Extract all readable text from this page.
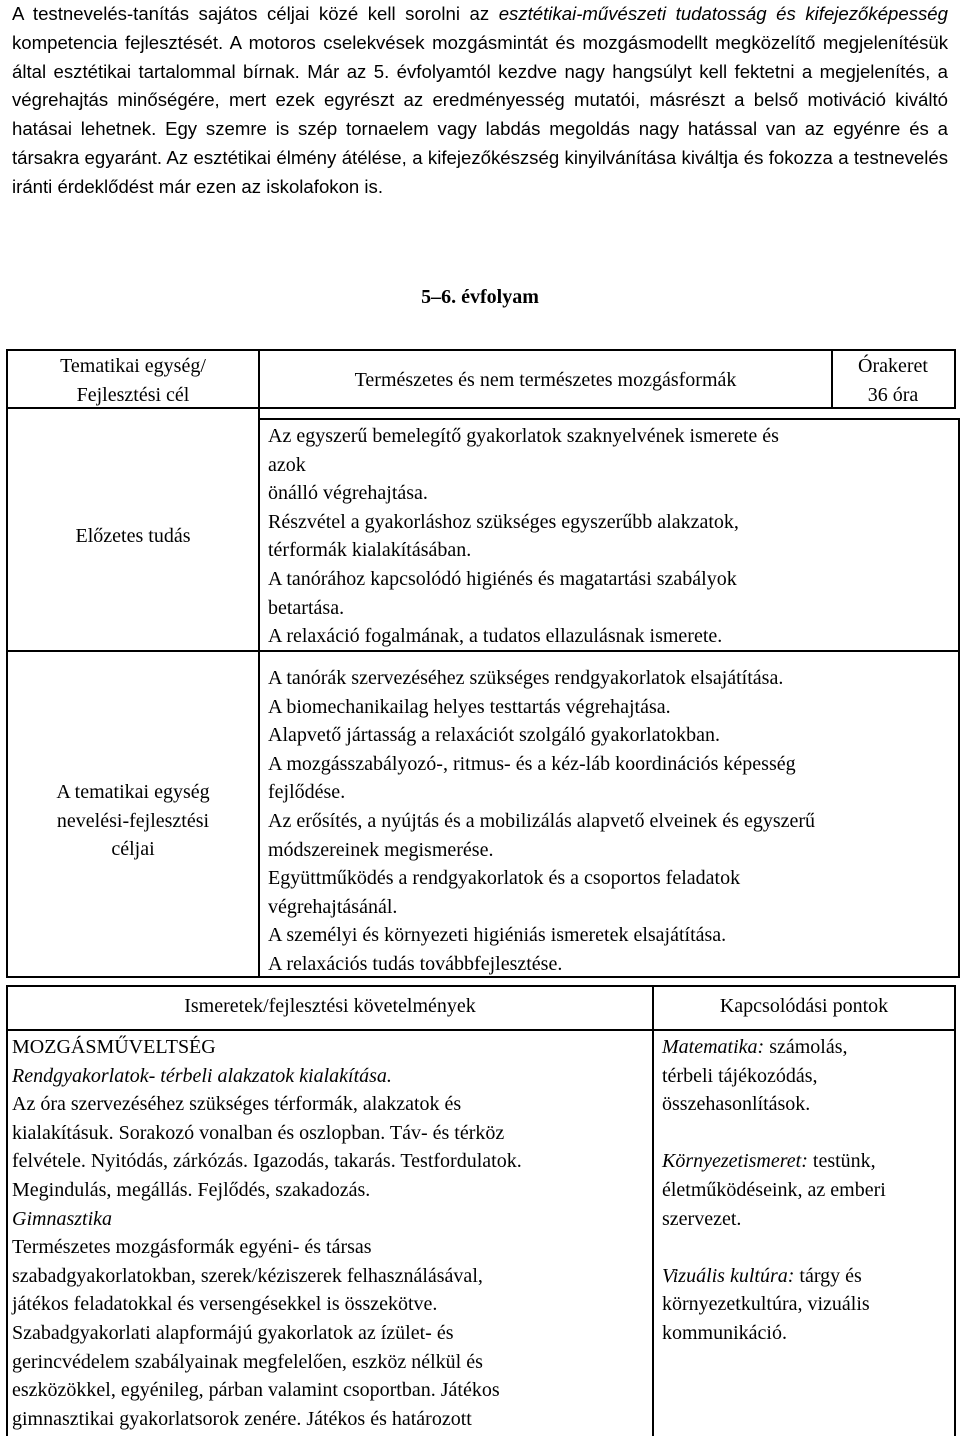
A testnevelés-tanítás sajátos céljai közé kell sorolni az esztétikai-művészeti tudatosság és kifejezőképesség kompetencia fejlesztését. A motoros cselekvések mozgásmintát és mozgásmodellt megközelítő megjelenítésük által esztétikai tartalommal bírnak. Már az 5. évfolyamtól kezdve nagy hangsúlyt kell fektetni a megjelenítés, a végrehajtás minőségére, mert ezek egyrészt az eredményesség mutatói, másrészt a belső motiváció kiváltó hatásai lehetnek. Egy szemre is szép tornaelem vagy labdás megoldás nagy hatással van az egyénre és a társakra egyaránt. Az esztétikai élmény átélése, a kifejezőkészség kinyilvánítása kiváltja és fokozza a testnevelés iránti érdeklődést már ezen az iskolafokon is.

5–6. évfolyam

Tematikai egység/
Fejlesztési cél
Természetes és nem természetes mozgásformák
Órakeret
36 óra
Előzetes tudás

Az egyszerű bemelegítő gyakorlatok szaknyelvének ismerete és

azok

önálló végrehajtása.

Részvétel a gyakorláshoz szükséges egyszerűbb alakzatok,

térformák kialakításában.

A tanórához kapcsolódó higiénés és magatartási szabályok

betartása.

A relaxáció fogalmának, a tudatos ellazulásnak ismerete.

A tematikai egység
nevelési-fejlesztési
céljai

A tanórák szervezéséhez szükséges rendgyakorlatok elsajátítása.

A biomechanikailag helyes testtartás végrehajtása.

Alapvető jártasság a relaxációt szolgáló gyakorlatokban.

A mozgásszabályozó-, ritmus- és a kéz-láb koordinációs képesség

fejlődése.

Az erősítés, a nyújtás és a mobilizálás alapvető elveinek és egyszerű

módszereinek megismerése.

Együttműködés a rendgyakorlatok és a csoportos feladatok

végrehajtásánál.

A személyi és környezeti higiéniás ismeretek elsajátítása.

A relaxációs tudás továbbfejlesztése.

Ismeretek/fejlesztési követelmények	Kapcsolódási pontok

MOZGÁSMŰVELTSÉG

Rendgyakorlatok- térbeli alakzatok kialakítása.

Az óra szervezéséhez szükséges térformák, alakzatok és

kialakításuk. Sorakozó vonalban és oszlopban. Táv- és térköz

felvétele. Nyitódás, zárkózás. Igazodás, takarás. Testfordulatok.

Megindulás, megállás. Fejlődés, szakadozás.

Gimnasztika

Természetes mozgásformák egyéni- és társas

szabadgyakorlatokban, szerek/kéziszerek felhasználásával,

játékos feladatokkal és versengésekkel is összekötve.

Szabadgyakorlati alapformájú gyakorlatok az ízület- és

gerincvédelem szabályainak megfelelően, eszköz nélkül és

eszközökkel, egyénileg, párban valamint csoportban. Játékos

gimnasztikai gyakorlatsorok zenére. Játékos és határozott

Matematika: számolás,

térbeli tájékozódás,

összehasonlítások.

Környezetismeret: testünk,

életműködéseink, az emberi

szervezet.

Vizuális kultúra: tárgy és

környezetkultúra, vizuális

kommunikáció.
